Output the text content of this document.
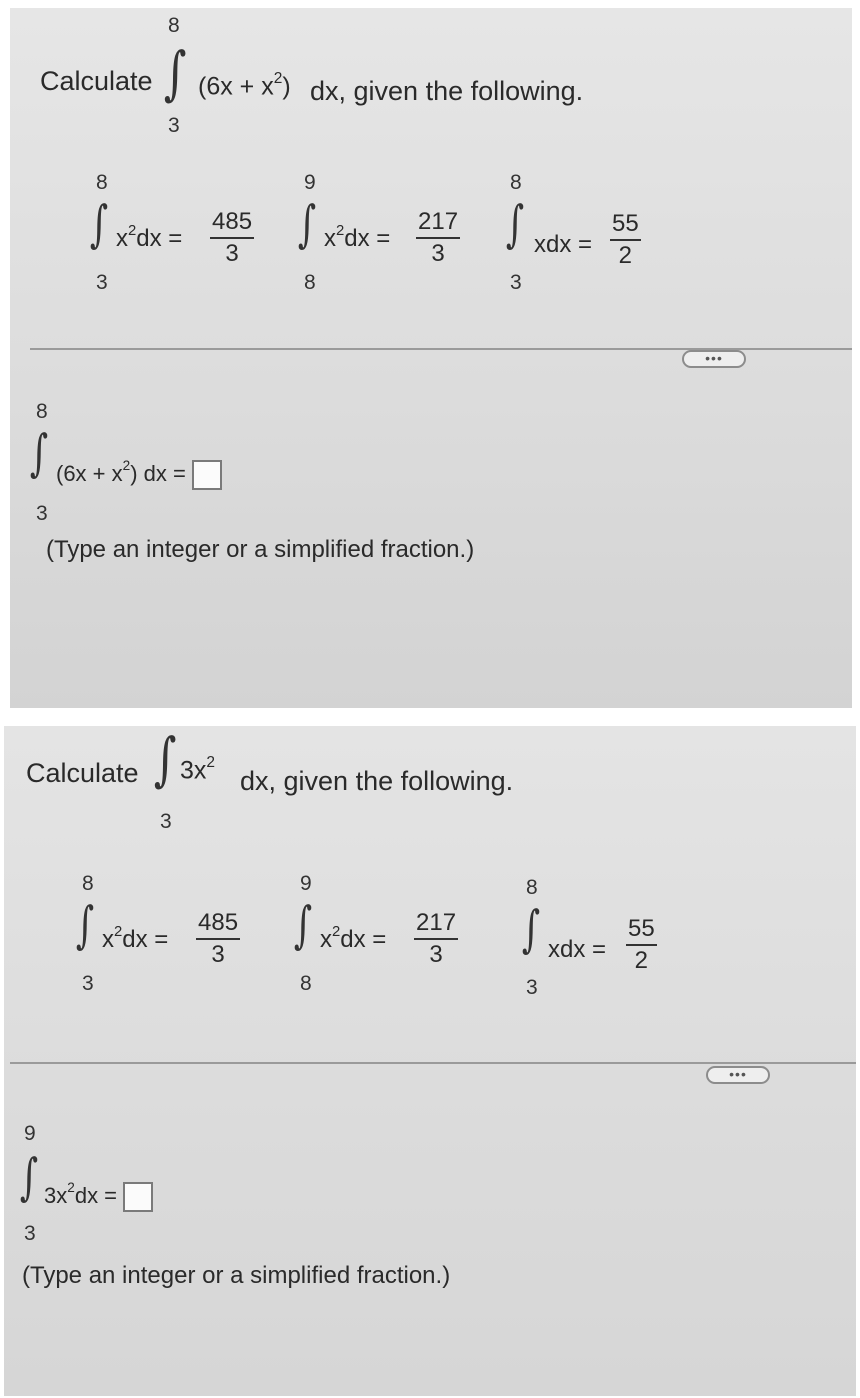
Calculate
8
∫
3
$(6x + x^2)$ dx, given the following.
8
∫
3
$x^2dx = \frac{485}{3}$
9
∫
8
$x^2dx = \frac{217}{3}$
8
∫
3
xdx = $\frac{55}{2}$
•••
8
∫
3
$(6x + x^2)$ dx =
(Type an integer or a simplified fraction.)
Calculate ∫
3
$3x^2$
dx, given the following.
8
∫
3
$x^2dx = \frac{485}{3}$
9
∫
8
$x^2dx = \frac{217}{3}$
8
∫
3
xdx = $\frac{55}{2}$
•••
9
∫
3
$3x^2dx$ =
(Type an integer or a simplified fraction.)
